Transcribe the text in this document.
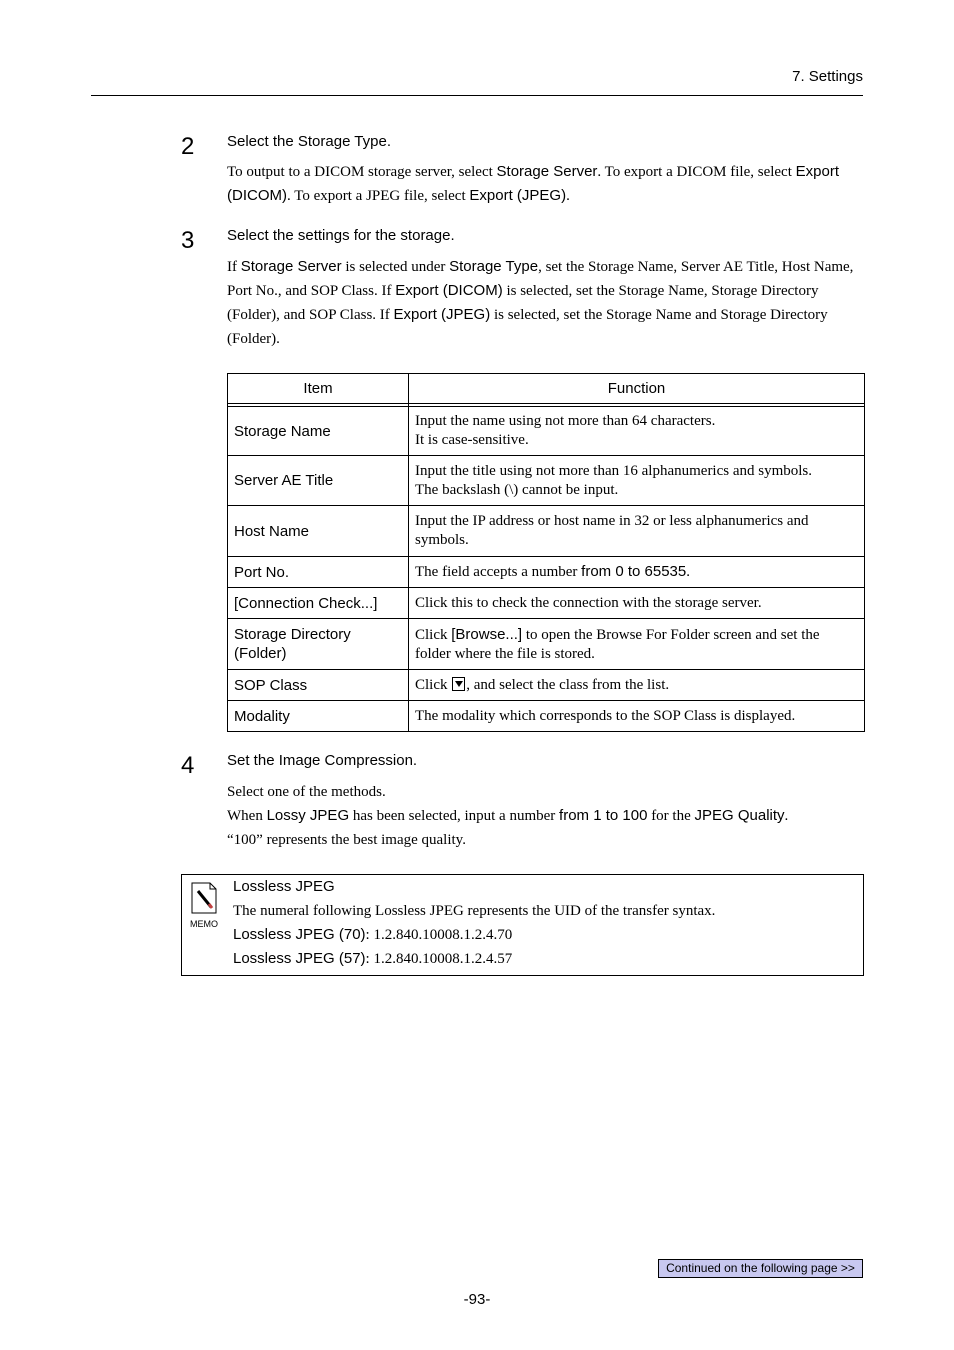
7. Settings
2 Select the Storage Type.
To output to a DICOM storage server, select Storage Server. To export a DICOM file, select Export (DICOM). To export a JPEG file, select Export (JPEG).
3 Select the settings for the storage.
If Storage Server is selected under Storage Type, set the Storage Name, Server AE Title, Host Name, Port No., and SOP Class. If Export (DICOM) is selected, set the Storage Name, Storage Directory (Folder), and SOP Class. If Export (JPEG) is selected, set the Storage Name and Storage Directory (Folder).
Item	Function

Storage Name	Input the name using not more than 64 characters.
It is case-sensitive.
Server AE Title	Input the title using not more than 16 alphanumerics and symbols.
The backslash (\) cannot be input.
Host Name	Input the IP address or host name in 32 or less alphanumerics and symbols.
Port No.	The field accepts a number from 0 to 65535.
[Connection Check...]	Click this to check the connection with the storage server.
Storage Directory
(Folder)	Click [Browse...] to open the Browse For Folder screen and set the folder where the file is stored.
SOP Class	Click , and select the class from the list.
Modality	The modality which corresponds to the SOP Class is displayed.
4 Set the Image Compression.
Select one of the methods.
When Lossy JPEG has been selected, input a number from 1 to 100 for the JPEG Quality.
“100” represents the best image quality.
MEMO
Lossless JPEG
The numeral following Lossless JPEG represents the UID of the transfer syntax.
Lossless JPEG (70): 1.2.840.10008.1.2.4.70
Lossless JPEG (57): 1.2.840.10008.1.2.4.57
Continued on the following page >>
-93-
